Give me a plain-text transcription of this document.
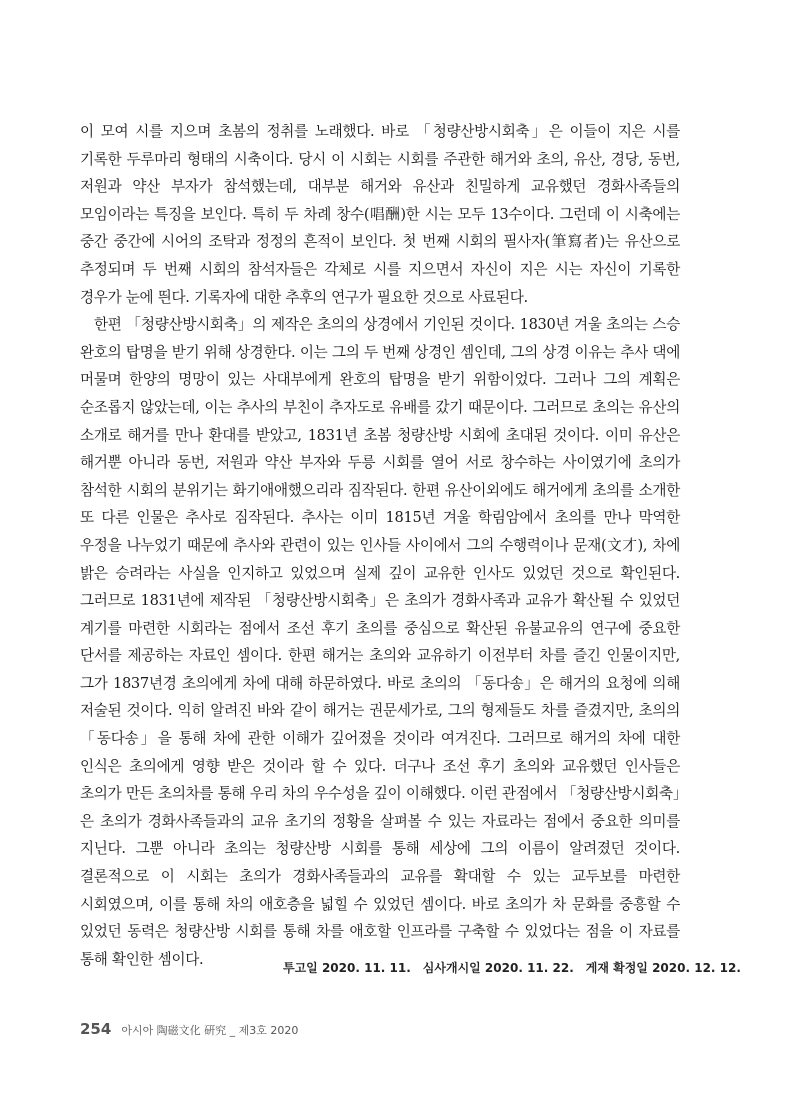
이 모여 시를 지으며 초봄의 정취를 노래했다. 바로 「청량산방시회축」은 이들이 지은 시를 기록한 두루마리 형태의 시축이다. 당시 이 시회는 시회를 주관한 해거와 초의, 유산, 경당, 동번, 저원과 약산 부자가 참석했는데, 대부분 해거와 유산과 친밀하게 교유했던 경화사족들의 모임이라는 특징을 보인다. 특히 두 차례 창수(唱酬)한 시는 모두 13수이다. 그런데 이 시축에는 중간 중간에 시어의 조탁과 정정의 흔적이 보인다. 첫 번째 시회의 필사자(筆寫者)는 유산으로 추정되며 두 번째 시회의 참석자들은 각체로 시를 지으면서 자신이 지은 시는 자신이 기록한 경우가 눈에 띈다. 기록자에 대한 추후의 연구가 필요한 것으로 사료된다.

한편 「청량산방시회축」의 제작은 초의의 상경에서 기인된 것이다. 1830년 겨울 초의는 스승 완호의 탑명을 받기 위해 상경한다. 이는 그의 두 번째 상경인 셈인데, 그의 상경 이유는 추사 댁에 머물며 한양의 명망이 있는 사대부에게 완호의 탑명을 받기 위함이었다. 그러나 그의 계획은 순조롭지 않았는데, 이는 추사의 부친이 추자도로 유배를 갔기 때문이다. 그러므로 초의는 유산의 소개로 해거를 만나 환대를 받았고, 1831년 초봄 청량산방 시회에 초대된 것이다. 이미 유산은 해거뿐 아니라 동번, 저원과 약산 부자와 두릉 시회를 열어 서로 창수하는 사이였기에 초의가 참석한 시회의 분위기는 화기애애했으리라 짐작된다. 한편 유산이외에도 해거에게 초의를 소개한 또 다른 인물은 추사로 짐작된다. 추사는 이미 1815년 겨울 학림암에서 초의를 만나 막역한 우정을 나누었기 때문에 추사와 관련이 있는 인사들 사이에서 그의 수행력이나 문재(文才), 차에 밝은 승려라는 사실을 인지하고 있었으며 실제 깊이 교유한 인사도 있었던 것으로 확인된다. 그러므로 1831년에 제작된 「청량산방시회축」은 초의가 경화사족과 교유가 확산될 수 있었던 계기를 마련한 시회라는 점에서 조선 후기 초의를 중심으로 확산된 유불교유의 연구에 중요한 단서를 제공하는 자료인 셈이다. 한편 해거는 초의와 교유하기 이전부터 차를 즐긴 인물이지만, 그가 1837년경 초의에게 차에 대해 하문하였다. 바로 초의의 「동다송」은 해거의 요청에 의해 저술된 것이다. 익히 알려진 바와 같이 해거는 권문세가로, 그의 형제들도 차를 즐겼지만, 초의의 「동다송」을 통해 차에 관한 이해가 깊어졌을 것이라 여겨진다. 그러므로 해거의 차에 대한 인식은 초의에게 영향 받은 것이라 할 수 있다. 더구나 조선 후기 초의와 교유했던 인사들은 초의가 만든 초의차를 통해 우리 차의 우수성을 깊이 이해했다. 이런 관점에서 「청량산방시회축」은 초의가 경화사족들과의 교유 초기의 정황을 살펴볼 수 있는 자료라는 점에서 중요한 의미를 지닌다. 그뿐 아니라 초의는 청량산방 시회를 통해 세상에 그의 이름이 알려졌던 것이다. 결론적으로 이 시회는 초의가 경화사족들과의 교유를 확대할 수 있는 교두보를 마련한 시회였으며, 이를 통해 차의 애호층을 넓힐 수 있었던 셈이다. 바로 초의가 차 문화를 중흥할 수 있었던 동력은 청량산방 시회를 통해 차를 애호할 인프라를 구축할 수 있었다는 점을 이 자료를 통해 확인한 셈이다.

투고일 2020. 11. 11. 심사개시일 2020. 11. 22. 게재 확정일 2020. 12. 12.
254 아시아 陶磁文化 硏究 _ 제3호 2020
